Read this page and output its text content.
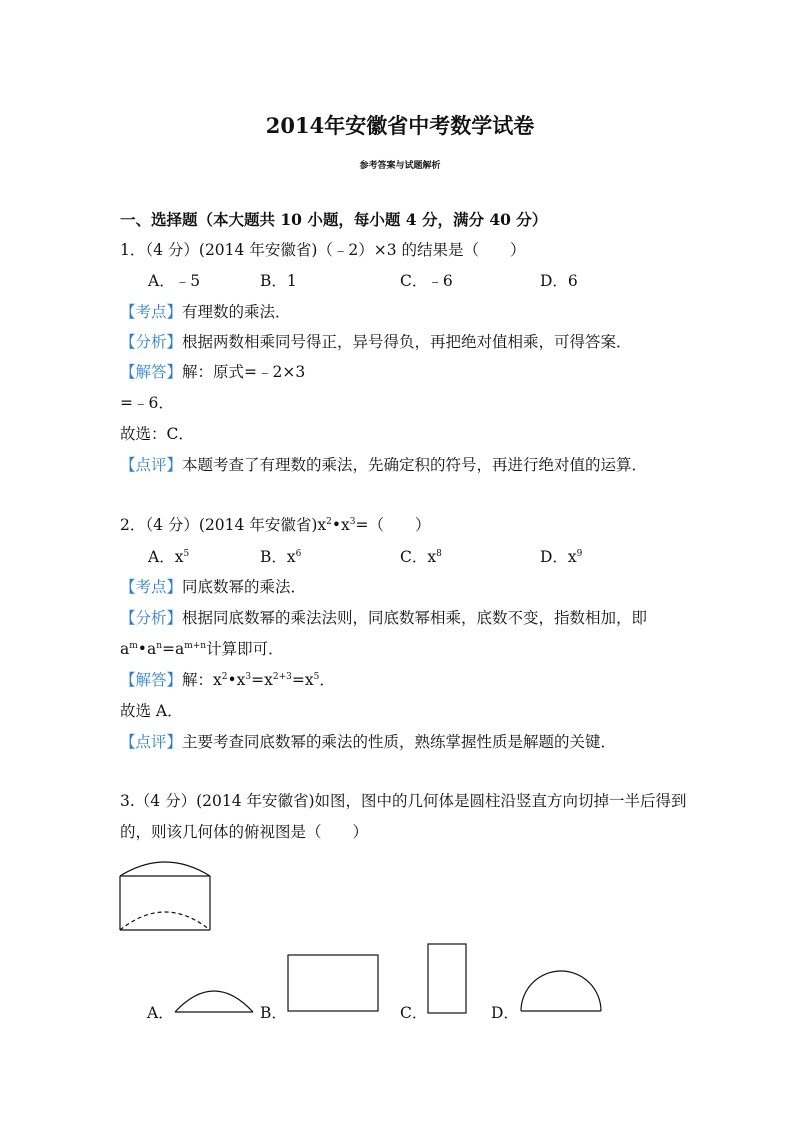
2014年安徽省中考数学试卷
参考答案与试题解析
一、选择题（本大题共 10 小题，每小题 4 分，满分 40 分）
1．（4 分）(2014 年安徽省)（﹣2）×3 的结果是（　　）
A．﹣5	B．1	C．﹣6	D．6
【考点】有理数的乘法．
【分析】根据两数相乘同号得正，异号得负，再把绝对值相乘，可得答案．
【解答】解：原式=﹣2×3
=﹣6．
故选：C．
【点评】本题考查了有理数的乘法，先确定积的符号，再进行绝对值的运算．
2．（4 分）(2014 年安徽省)$x^2•x^3=$（　　）
A．$x^5$	B．$x^6$	C．$x^8$	D．$x^9$
【考点】同底数幂的乘法．
【分析】根据同底数幂的乘法法则，同底数幂相乘，底数不变，指数相加，即
$a^m•a^n=a^{m+n}$计算即可．
【解答】解：$x^2•x^3=x^{2+3}=x^5$．
故选 A．
【点评】主要考查同底数幂的乘法的性质，熟练掌握性质是解题的关键．
3.（4 分）(2014 年安徽省)如图，图中的几何体是圆柱沿竖直方向切掉一半后得到
的，则该几何体的俯视图是（　　）
A．	B．	C．	D．
